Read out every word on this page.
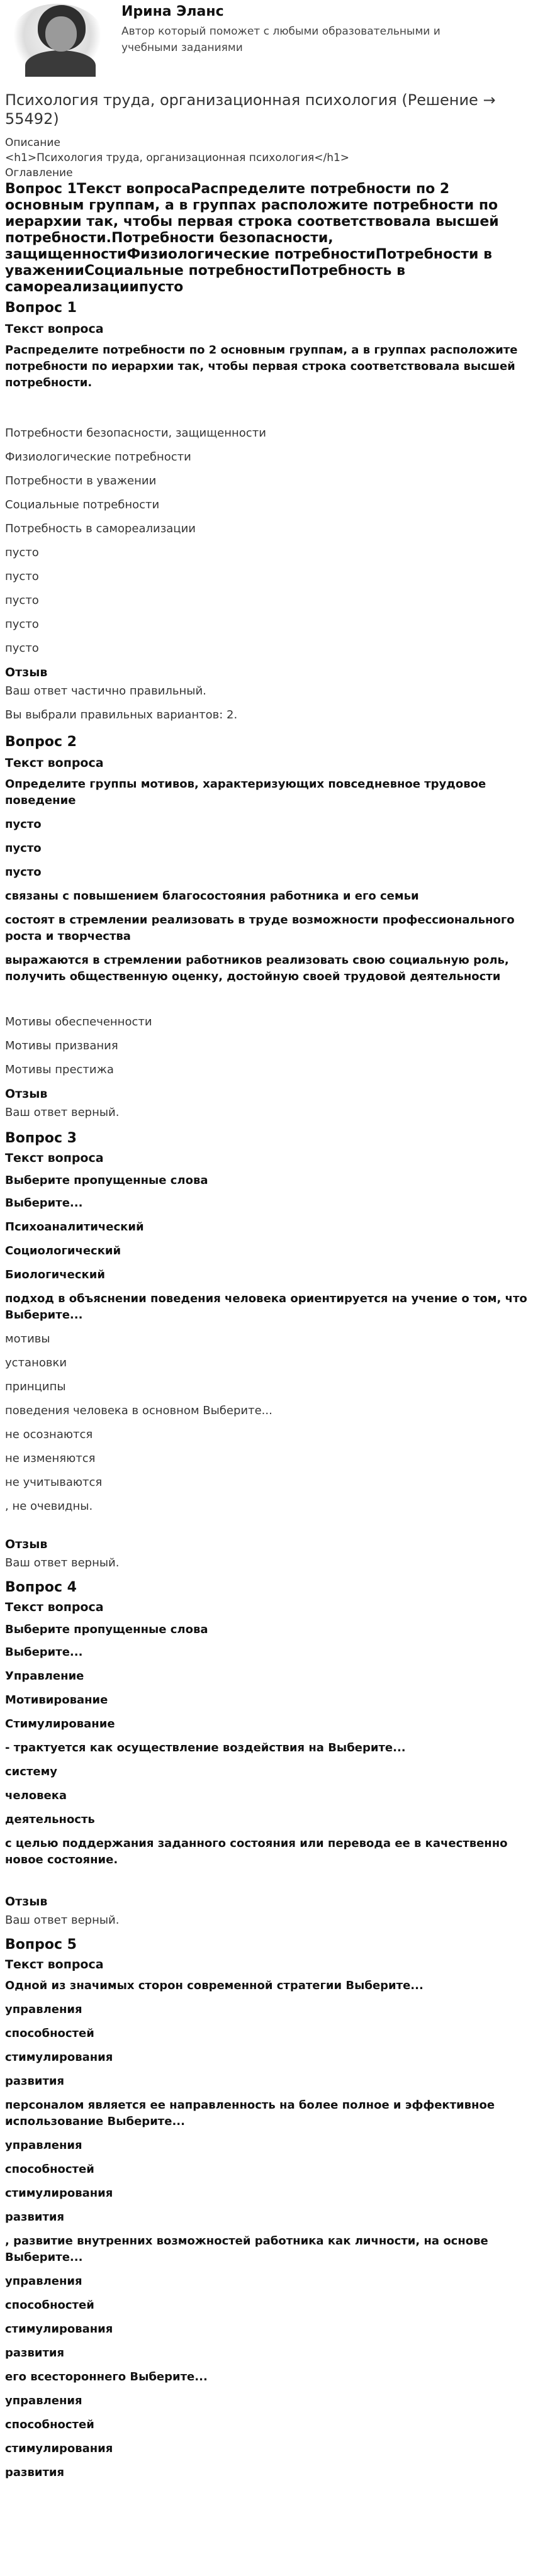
Ирина Эланс
Автор который поможет с любыми образовательными и учебными заданиями
Психология труда, организационная психология (Решение → 55492)
Описание
<h1>Психология труда, организационная психология</h1>
Оглавление
Вопрос 1Текст вопросаРаспределите потребности по 2 основным группам, а в группах расположите потребности по иерархии так, чтобы первая строка соответствовала высшей потребности.Потребности безопасности, защищенностиФизиологические потребностиПотребности в уваженииСоциальные потребностиПотребность в самореализациипусто
Вопрос 1
Текст вопроса
Распределите потребности по 2 основным группам, а в группах расположите потребности по иерархии так, чтобы первая строка соответствовала высшей потребности.
Потребности безопасности, защищенности
Физиологические потребности
Потребности в уважении
Социальные потребности
Потребность в самореализации
пусто
пусто
пусто
пусто
пусто
Отзыв
Ваш ответ частично правильный.
Вы выбрали правильных вариантов: 2.
Вопрос 2
Текст вопроса
Определите группы мотивов, характеризующих повседневное трудовое поведение
пусто
пусто
пусто
связаны с повышением благосостояния работника и его семьи
состоят в стремлении реализовать в труде возможности профессионального роста и творчества
выражаются в стремлении работников реализовать свою социальную роль, получить общественную оценку, достойную своей трудовой деятельности
Мотивы обеспеченности
Мотивы призвания
Мотивы престижа
Отзыв
Ваш ответ верный.
Вопрос 3
Текст вопроса
Выберите пропущенные слова
Выберите...
Психоаналитический
Социологический
Биологический
подход в объяснении поведения человека ориентируется на учение о том, что Выберите...
мотивы
установки
принципы
поведения человека в основном Выберите...
не осознаются
не изменяются
не учитываются
, не очевидны.
Отзыв
Ваш ответ верный.
Вопрос 4
Текст вопроса
Выберите пропущенные слова
Выберите...
Управление
Мотивирование
Стимулирование
- трактуется как осуществление воздействия на Выберите...
систему
человека
деятельность
с целью поддержания заданного состояния или перевода ее в качественно новое состояние.
Отзыв
Ваш ответ верный.
Вопрос 5
Текст вопроса
Одной из значимых сторон современной стратегии Выберите...
управления
способностей
стимулирования
развития
персоналом является ее направленность на более полное и эффективное использование Выберите...
управления
способностей
стимулирования
развития
, развитие внутренних возможностей работника как личности, на основе Выберите...
управления
способностей
стимулирования
развития
его всестороннего Выберите...
управления
способностей
стимулирования
развития
